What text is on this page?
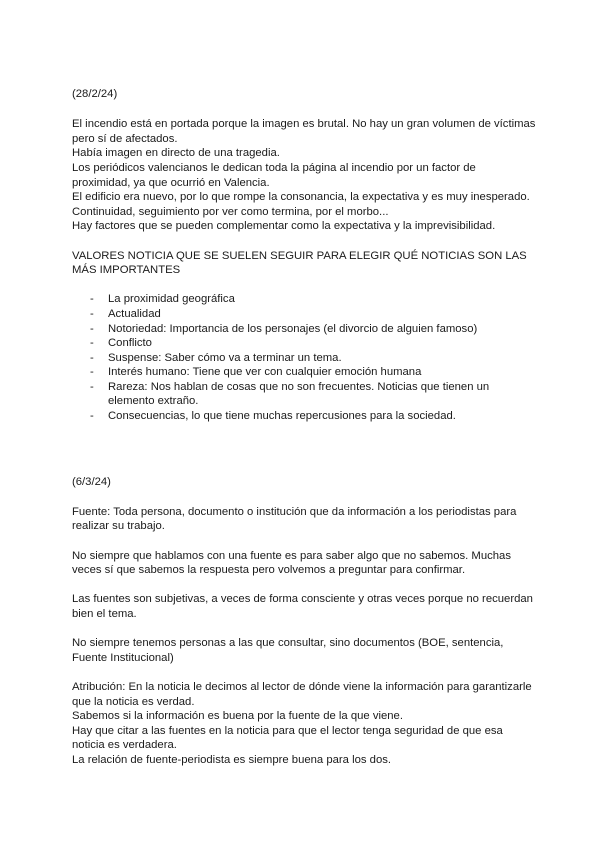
(28/2/24)
El incendio está en portada porque la imagen es brutal. No hay un gran volumen de víctimas
pero sí de afectados.
Había imagen en directo de una tragedia.
Los periódicos valencianos le dedican toda la página al incendio por un factor de
proximidad, ya que ocurrió en Valencia.
El edificio era nuevo, por lo que rompe la consonancia, la expectativa y es muy inesperado.
Continuidad, seguimiento por ver como termina, por el morbo...
Hay factores que se pueden complementar como la expectativa y la imprevisibilidad.
VALORES NOTICIA QUE SE SUELEN SEGUIR PARA ELEGIR QUÉ NOTICIAS SON LAS
MÁS IMPORTANTES
- La proximidad geográfica
- Actualidad
- Notoriedad: Importancia de los personajes (el divorcio de alguien famoso)
- Conflicto
- Suspense: Saber cómo va a terminar un tema.
- Interés humano: Tiene que ver con cualquier emoción humana
- Rareza: Nos hablan de cosas que no son frecuentes. Noticias que tienen un
elemento extraño.
- Consecuencias, lo que tiene muchas repercusiones para la sociedad.
(6/3/24)
Fuente: Toda persona, documento o institución que da información a los periodistas para
realizar su trabajo.
No siempre que hablamos con una fuente es para saber algo que no sabemos. Muchas
veces sí que sabemos la respuesta pero volvemos a preguntar para confirmar.
Las fuentes son subjetivas, a veces de forma consciente y otras veces porque no recuerdan
bien el tema.
No siempre tenemos personas a las que consultar, sino documentos (BOE, sentencia,
Fuente Institucional)
Atribución: En la noticia le decimos al lector de dónde viene la información para garantizarle
que la noticia es verdad.
Sabemos si la información es buena por la fuente de la que viene.
Hay que citar a las fuentes en la noticia para que el lector tenga seguridad de que esa
noticia es verdadera.
La relación de fuente-periodista es siempre buena para los dos.
